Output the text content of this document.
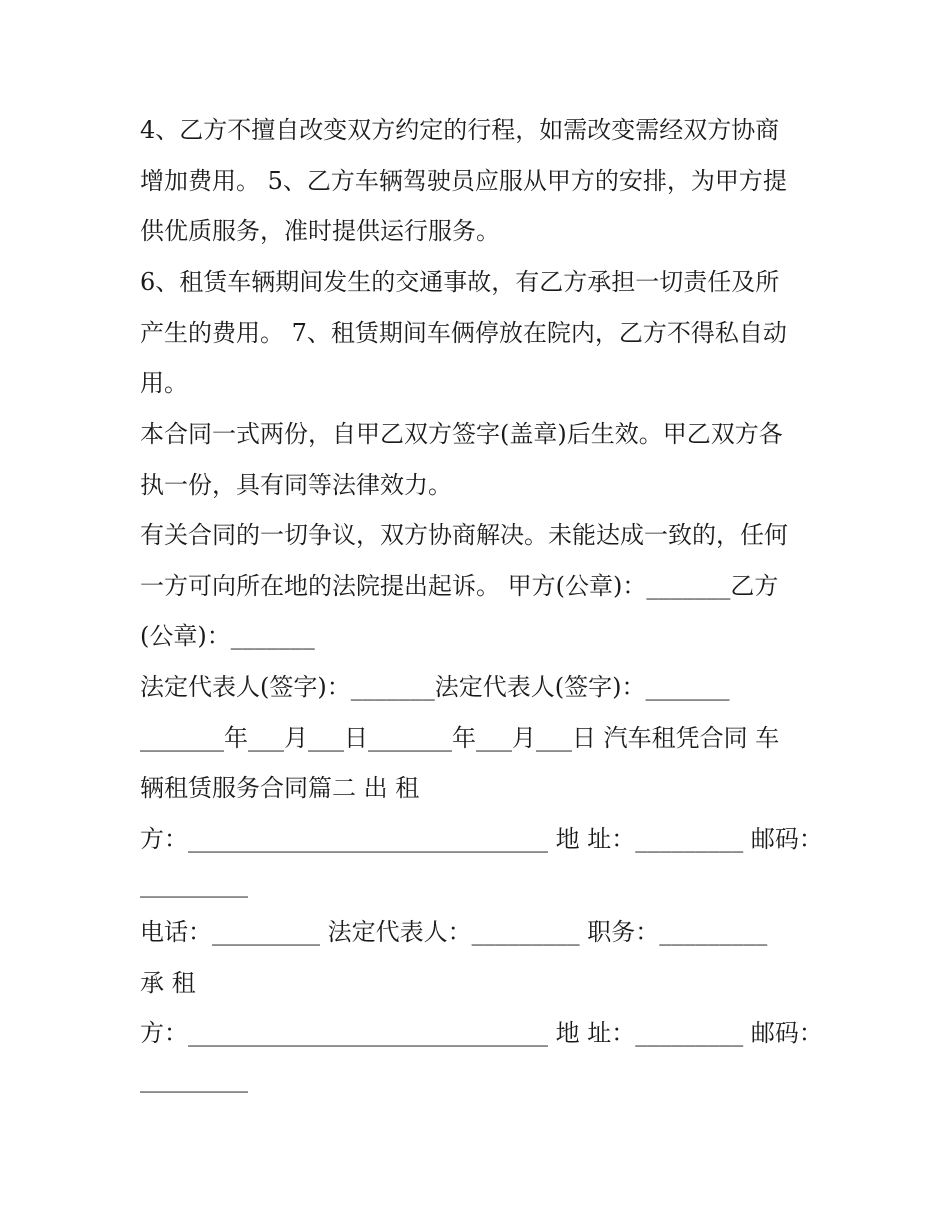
4、乙方不擅自改变双方约定的行程，如需改变需经双方协商
增加费用。 5、乙方车辆驾驶员应服从甲方的安排，为甲方提
供优质服务，准时提供运行服务。
6、租赁车辆期间发生的交通事故，有乙方承担一切责任及所
产生的费用。 7、租赁期间车俩停放在院内，乙方不得私自动
用。
本合同一式两份，自甲乙双方签字(盖章)后生效。甲乙双方各
执一份，具有同等法律效力。
有关合同的一切争议，双方协商解决。未能达成一致的，任何
一方可向所在地的法院提出起诉。 甲方(公章)：_______乙方
(公章)：_______
法定代表人(签字)：_______法定代表人(签字)：_______
_______年___月___日_______年___月___日 汽车租凭合同 车
辆租赁服务合同篇二 出 租
方：______________________________ 地 址：_________ 邮码：
_________
电话：_________ 法定代表人：_________ 职务：_________
承 租
方：______________________________ 地 址：_________ 邮码：
_________
